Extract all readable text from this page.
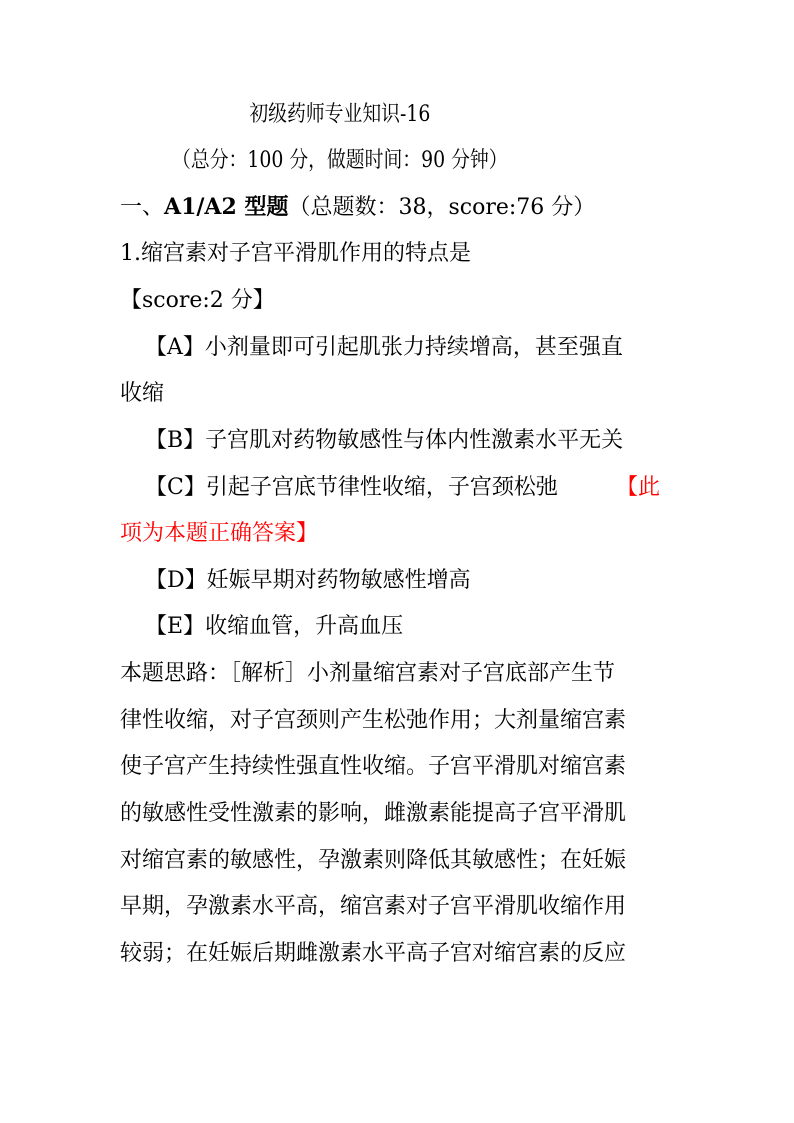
初级药师专业知识-16
（总分：100 分，做题时间：90 分钟）
一、A1/A2 型题（总题数：38，score:76 分）
1.缩宫素对子宫平滑肌作用的特点是
【score:2 分】
【A】小剂量即可引起肌张力持续增高，甚至强直
收缩
【B】子宫肌对药物敏感性与体内性激素水平无关
【C】引起子宫底节律性收缩，子宫颈松弛	【此
项为本题正确答案】
【D】妊娠早期对药物敏感性增高
【E】收缩血管，升高血压
本题思路：［解析］小剂量缩宫素对子宫底部产生节
律性收缩，对子宫颈则产生松弛作用；大剂量缩宫素
使子宫产生持续性强直性收缩。子宫平滑肌对缩宫素
的敏感性受性激素的影响，雌激素能提高子宫平滑肌
对缩宫素的敏感性，孕激素则降低其敏感性；在妊娠
早期，孕激素水平高，缩宫素对子宫平滑肌收缩作用
较弱；在妊娠后期雌激素水平高子宫对缩宫素的反应
